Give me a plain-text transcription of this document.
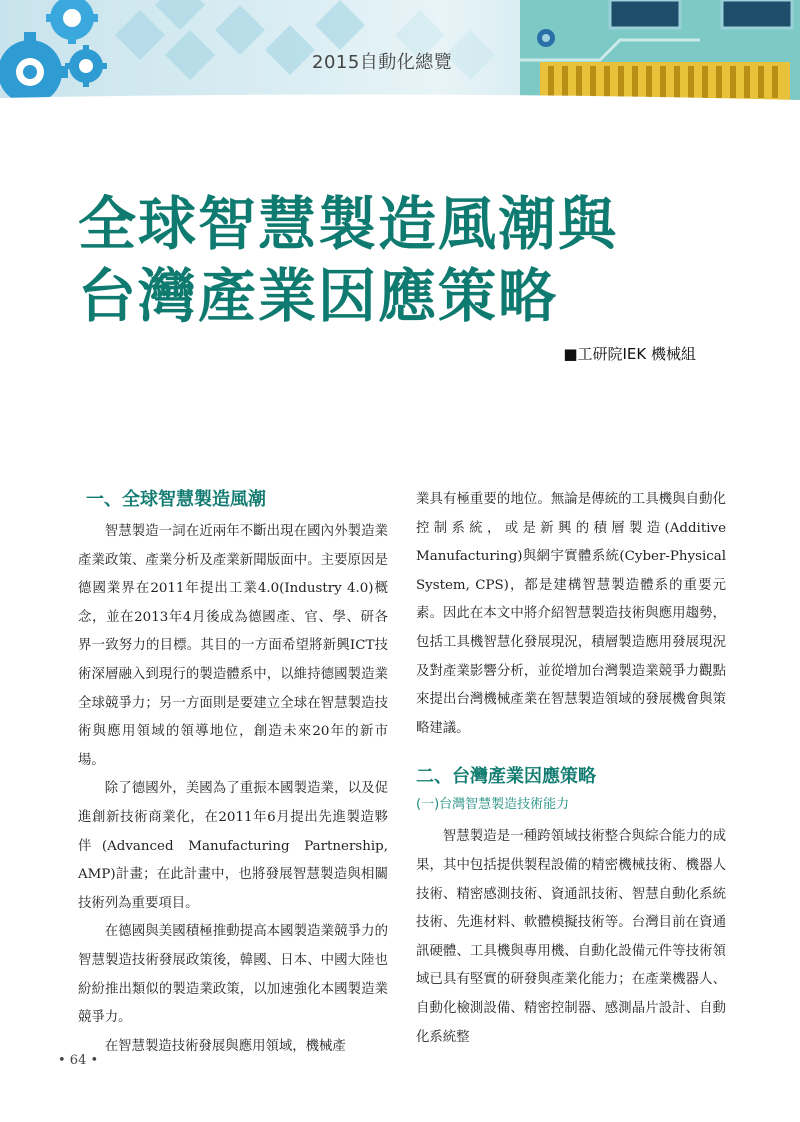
2015自動化總覽
全球智慧製造風潮與
台灣產業因應策略
■工研院IEK 機械組
一、全球智慧製造風潮

智慧製造一詞在近兩年不斷出現在國內外製造業產業政策、產業分析及產業新聞版面中。主要原因是德國業界在2011年提出工業4.0(Industry 4.0)概念，並在2013年4月後成為德國產、官、學、研各界一致努力的目標。其目的一方面希望將新興ICT技術深層融入到現行的製造體系中，以維持德國製造業全球競爭力；另一方面則是要建立全球在智慧製造技術與應用領域的領導地位，創造未來20年的新市場。

除了德國外，美國為了重振本國製造業，以及促進創新技術商業化，在2011年6月提出先進製造夥伴(Advanced Manufacturing Partnership, AMP)計畫；在此計畫中，也將發展智慧製造與相關技術列為重要項目。

在德國與美國積極推動提高本國製造業競爭力的智慧製造技術發展政策後，韓國、日本、中國大陸也紛紛推出類似的製造業政策，以加速強化本國製造業競爭力。

在智慧製造技術發展與應用領域，機械產

業具有極重要的地位。無論是傳統的工具機與自動化控制系統，或是新興的積層製造(Additive Manufacturing)與網宇實體系統(Cyber-Physical System, CPS)，都是建構智慧製造體系的重要元素。因此在本文中將介紹智慧製造技術與應用趨勢，包括工具機智慧化發展現況，積層製造應用發展現況及對產業影響分析，並從增加台灣製造業競爭力觀點來提出台灣機械產業在智慧製造領域的發展機會與策略建議。

二、台灣產業因應策略
(一)台灣智慧製造技術能力

智慧製造是一種跨領域技術整合與綜合能力的成果，其中包括提供製程設備的精密機械技術、機器人技術、精密感測技術、資通訊技術、智慧自動化系統技術、先進材料、軟體模擬技術等。台灣目前在資通訊硬體、工具機與專用機、自動化設備元件等技術領域已具有堅實的研發與產業化能力；在產業機器人、自動化檢測設備、精密控制器、感測晶片設計、自動化系統整

• 64 •
